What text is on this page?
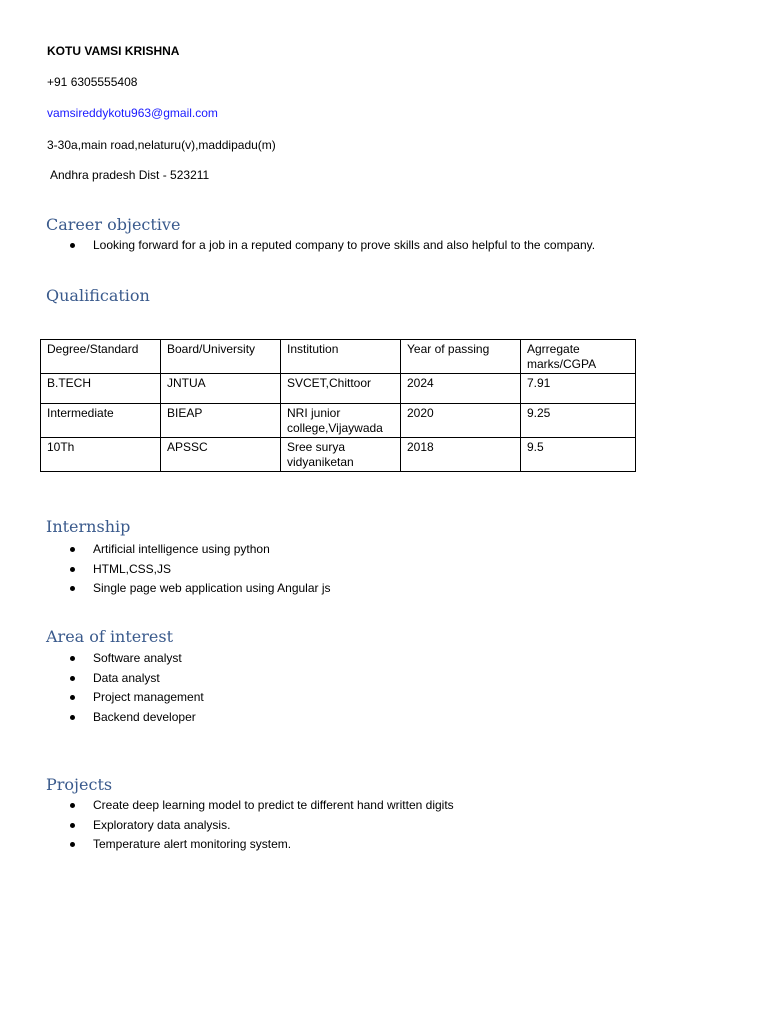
KOTU VAMSI KRISHNA
+91 6305555408
vamsireddykotu963@gmail.com
3-30a,main road,nelaturu(v),maddipadu(m)
Andhra pradesh Dist - 523211
Career objective
Looking forward for a job in a reputed company to prove skills and also helpful to the company.
Qualification
Degree/Standard	Board/University	Institution	Year of passing	Agrregate marks/CGPA
B.TECH	JNTUA	SVCET,Chittoor	2024	7.91
Intermediate	BIEAP	NRI junior college,Vijaywada	2020	9.25
10Th	APSSC	Sree surya vidyaniketan	2018	9.5
Internship
Artificial intelligence using python
HTML,CSS,JS
Single page web application using Angular js
Area of interest
Software analyst
Data analyst
Project management
Backend developer
Projects
Create deep learning model to predict te different hand written digits
Exploratory data analysis.
Temperature alert monitoring system.
